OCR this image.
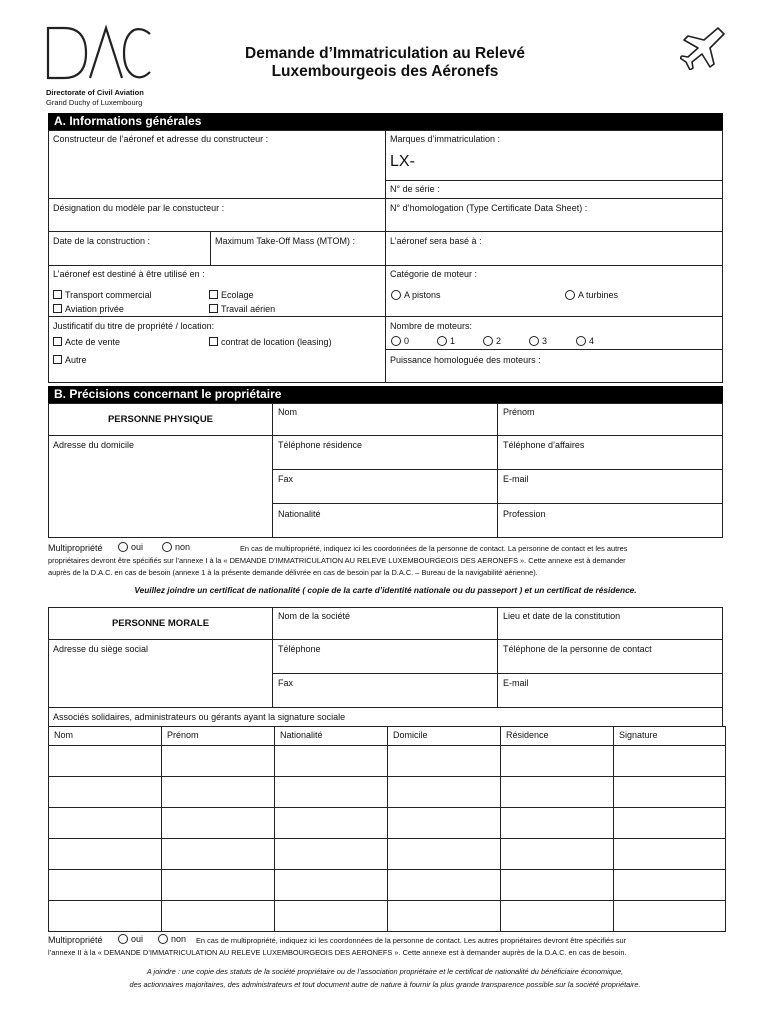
Directorate of Civil Aviation
Grand Duchy of Luxembourg
Demande d’Immatriculation au Relevé
Luxembourgeois des Aéronefs
A. Informations générales
Constructeur de l’aéronef et adresse du constructeur :	Marques d’immatriculation :
LX-
N° de série :
Désignation du modèle par le constucteur :	N° d’homologation (Type Certificate Data Sheet) :
Date de la construction :	Maximum Take-Off Mass (MTOM) :	L’aéronef sera basé à :
L’aéronef est destiné à être utilisé en :
Transport commercial	Ecolage
Aviation privée	Travail aérien
Catégorie de moteur :
A pistons	A turbines
Justificatif du titre de propriété / location:
Acte de vente	contrat de location (leasing)
Autre
Nombre de moteurs:
0	1	2	3	4
Puissance homologuée des moteurs :
B. Précisions concernant le propriétaire
PERSONNE PHYSIQUE
Adresse du domicile
Nom	Prénom
Téléphone résidence	Téléphone d’affaires
Fax	E-mail
Nationalité	Profession
Multipropriété	oui	non	En cas de multipropriété, indiquez ici les coordonnées de la personne de contact. La personne de contact et les autres
propriétaires devront être spécifiés sur l’annexe I à la « DEMANDE D’IMMATRICULATION AU RELEVE LUXEMBOURGEOIS DES AERONEFS ». Cette annexe est à demander
auprès de la D.A.C. en cas de besoin (annexe 1 à la présente demande délivrée en cas de besoin par la D.A.C. – Bureau de la navigabilité aérienne).
Veuillez joindre un certificat de nationalité ( copie de la carte d’identité nationale ou du passeport ) et un certificat de résidence.
PERSONNE MORALE
Adresse du siège social
Nom de la société	Lieu et date de la constitution
Téléphone	Téléphone de la personne de contact
Fax	E-mail
Associés solidaires, administrateurs ou gérants ayant la signature sociale
Nom	Prénom	Nationalité	Domicile	Résidence	Signature
Multipropriété	oui	non En cas de multipropriété, indiquez ici les coordonnées de la personne de contact. Les autres propriétaires devront être spécifiés sur
l’annexe II à la « DEMANDE D’IMMATRICULATION AU RELEVE LUXEMBOURGEOIS DES AERONEFS ». Cette annexe est à demander auprès de la D.A.C. en cas de besoin.
A joindre : une copie des statuts de la société propriétaire ou de l’association propriétaire et le certificat de nationalité du bénéficiaire économique,
des actionnaires majoritaires, des administrateurs et tout document autre de nature à fournir la plus grande transparence possible sur la société propriétaire.
